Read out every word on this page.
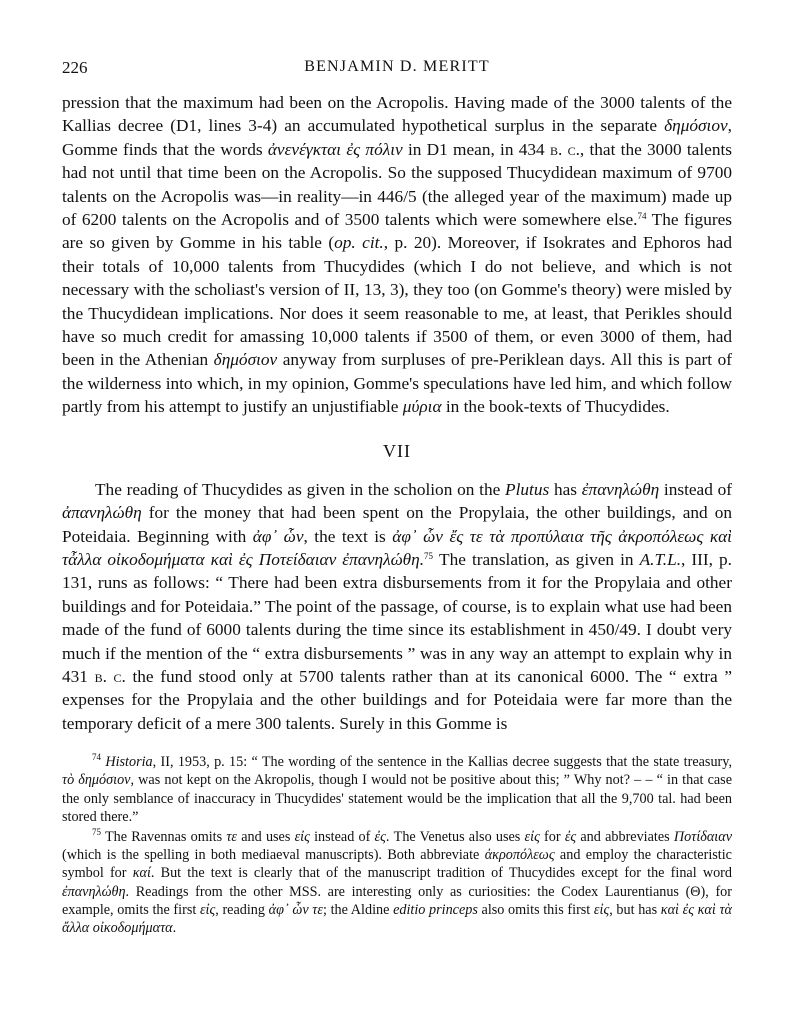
226	BENJAMIN D. MERITT

pression that the maximum had been on the Acropolis. Having made of the 3000 talents of the Kallias decree (D1, lines 3-4) an accumulated hypothetical surplus in the separate δημόσιον, Gomme finds that the words ἀνενέγκται ἐς πόλιν in D1 mean, in 434 b. c., that the 3000 talents had not until that time been on the Acropolis. So the supposed Thucydidean maximum of 9700 talents on the Acropolis was—in reality—in 446/5 (the alleged year of the maximum) made up of 6200 talents on the Acropolis and of 3500 talents which were somewhere else.$^{74}$ The figures are so given by Gomme in his table (op. cit., p. 20). Moreover, if Isokrates and Ephoros had their totals of 10,000 talents from Thucydides (which I do not believe, and which is not necessary with the scholiast's version of II, 13, 3), they too (on Gomme's theory) were misled by the Thucydidean implications. Nor does it seem reasonable to me, at least, that Perikles should have so much credit for amassing 10,000 talents if 3500 of them, or even 3000 of them, had been in the Athenian δημόσιον anyway from surpluses of pre-Periklean days. All this is part of the wilderness into which, in my opinion, Gomme's speculations have led him, and which follow partly from his attempt to justify an unjustifiable μύρια in the book-texts of Thucydides.

VII

The reading of Thucydides as given in the scholion on the Plutus has ἐπανηλώθη instead of ἀπανηλώθη for the money that had been spent on the Propylaia, the other buildings, and on Poteidaia. Beginning with ἀφ᾽ ὧν, the text is ἀφ᾽ ὧν ἔς τε τὰ προπύλαια τῆς ἀκροπόλεως καὶ τἆλλα οἰκοδομήματα καὶ ἐς Ποτείδαιαν ἐπανηλώθη.$^{75}$ The translation, as given in A.T.L., III, p. 131, runs as follows: “ There had been extra disbursements from it for the Propylaia and other buildings and for Poteidaia.” The point of the passage, of course, is to explain what use had been made of the fund of 6000 talents during the time since its establishment in 450/49. I doubt very much if the mention of the “ extra disbursements ” was in any way an attempt to explain why in 431 b. c. the fund stood only at 5700 talents rather than at its canonical 6000. The “ extra ” expenses for the Propylaia and the other buildings and for Poteidaia were far more than the temporary deficit of a mere 300 talents. Surely in this Gomme is

$^{74}$ Historia, II, 1953, p. 15: “ The wording of the sentence in the Kallias decree suggests that the state treasury, τὸ δημόσιον, was not kept on the Akropolis, though I would not be positive about this; ” Why not? – – “ in that case the only semblance of inaccuracy in Thucydides' statement would be the implication that all the 9,700 tal. had been stored there.”

$^{75}$ The Ravennas omits τε and uses εἰς instead of ἐς. The Venetus also uses εἰς for ἐς and abbreviates Ποτίδαιαν (which is the spelling in both mediaeval manuscripts). Both abbreviate ἀκροπόλεως and employ the characteristic symbol for καί. But the text is clearly that of the manuscript tradition of Thucydides except for the final word ἐπανηλώθη. Readings from the other MSS. are interesting only as curiosities: the Codex Laurentianus (Θ), for example, omits the first εἰς, reading ἀφ᾽ ὧν τε; the Aldine editio princeps also omits this first εἰς, but has καὶ ἐς καὶ τὰ ἄλλα οἰκοδομήματα.
